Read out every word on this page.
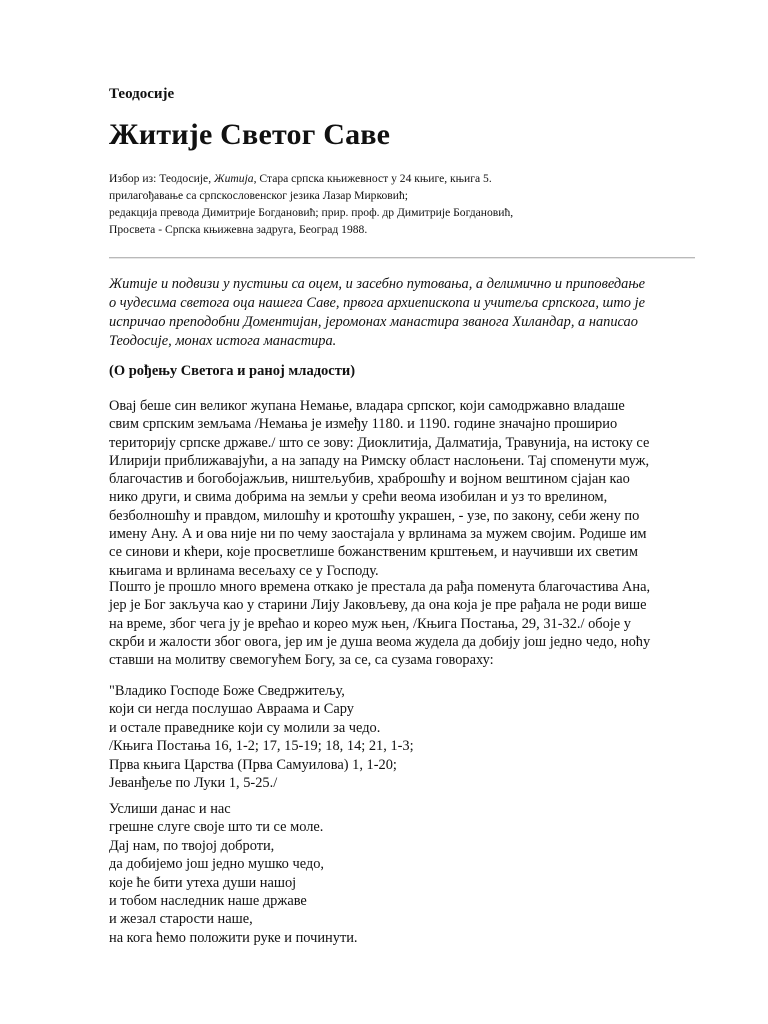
Теодосије
Житије Светог Саве
Избор из: Теодосије, Житија, Стара српска књижевност у 24 књиге, књига 5.
прилагођавање са српскословенског језика Лазар Мирковић;
редакција превода Димитрије Богдановић; прир. проф. др Димитрије Богдановић,
Просвета - Српска књижевна задруга, Београд 1988.
Житије и подвизи у пустињи са оцем, и засебно путовања, а делимично и приповедање
о чудесима светога оца нашега Саве, првога архиепископа и учитеља српскога, што је
испричао преподобни Доментијан, јеромонах манастира званога Хиландар, а написао
Теодосије, монах истога манастира.
(О рођењу Светога и раној младости)
Овај беше син великог жупана Немање, владара српског, који самодржавно владаше
свим српским земљама /Немања је између 1180. и 1190. године значајно проширио
територију српске државе./ што се зову: Диоклитија, Далматија, Травунија, на истоку се
Илирији приближавајући, а на западу на Римску област наслоњени. Тај споменути муж,
благочастив и богобојажљив, ништељубив, храброшћу и војном вештином сјајан као
нико други, и свима добрима на земљи у срећи веома изобилан и уз то врелином,
безболношћу и правдом, милошћу и кротошћу украшен, - узе, по закону, себи жену по
имену Ану. А и ова није ни по чему заостајала у врлинама за мужем својим. Родише им
се синови и кћери, које просветлише божанственим крштењем, и научивши их светим
књигама и врлинама весељаху се у Господу.
Пошто је прошло много времена откако је престала да рађа поменута благочастива Ана,
јер је Бог закључа као у старини Лију Јаковљеву, да она која је пре рађала не роди више
на време, због чега ју је врећао и кореo муж њен, /Књига Постања, 29, 31-32./ обоје у
скрби и жалости због овога, јер им је душа веома жудела да добију још једно чедо, ноћу
ставши на молитву свемогућем Богу, за се, са сузама говораху:
"Владико Господе Боже Сведржитељу,
који си негда послушао Авраама и Сару
и остале праведнике који су молили за чедо.
/Књига Постања 16, 1-2; 17, 15-19; 18, 14; 21, 1-3;
Прва књига Царства (Прва Самуилова) 1, 1-20;
Јеванђеље по Луки 1, 5-25./
Услиши данас и нас
грешне слуге своје што ти се моле.
Дај нам, по твојој доброти,
да добијемо још једно мушко чедо,
које ће бити утеха души нашој
и тобом наследник наше државе
и жезал старости наше,
на кога ћемо положити руке и починути.
